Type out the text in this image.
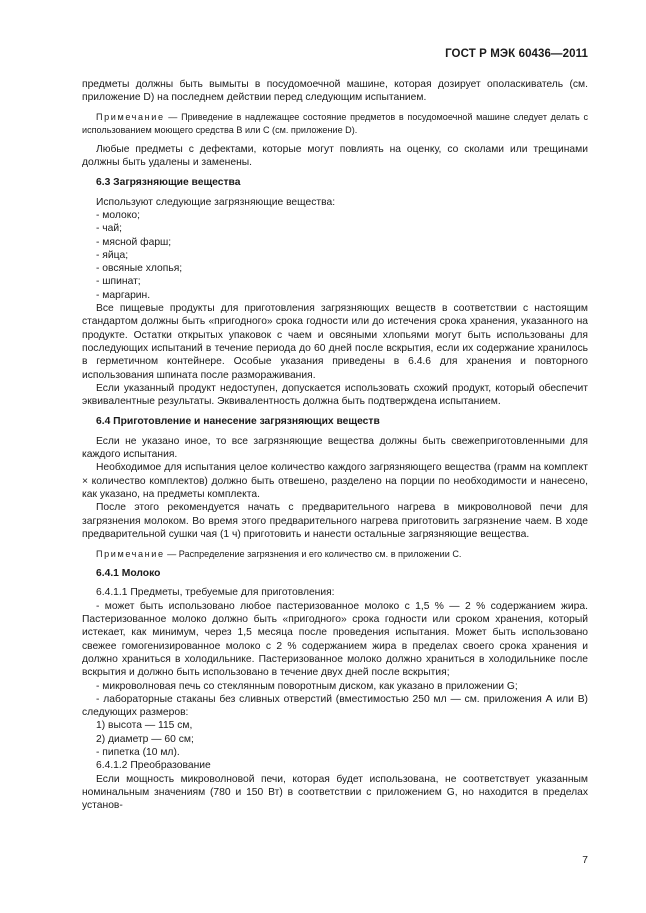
ГОСТ Р МЭК 60436—2011

предметы должны быть вымыты в посудомоечной машине, которая дозирует ополаскиватель (см. приложение D) на последнем действии перед следующим испытанием.

Примечание — Приведение в надлежащее состояние предметов в посудомоечной машине следует делать с использованием моющего средства В или С (см. приложение D).

Любые предметы с дефектами, которые могут повлиять на оценку, со сколами или трещинами должны быть удалены и заменены.

6.3 Загрязняющие вещества

Используют следующие загрязняющие вещества:

- молоко;

- чай;

- мясной фарш;

- яйца;

- овсяные хлопья;

- шпинат;

- маргарин.

Все пищевые продукты для приготовления загрязняющих веществ в соответствии с настоящим стандартом должны быть «пригодного» срока годности или до истечения срока хранения, указанного на продукте. Остатки открытых упаковок с чаем и овсяными хлопьями могут быть использованы для последующих испытаний в течение периода до 60 дней после вскрытия, если их содержание хранилось в герметичном контейнере. Особые указания приведены в 6.4.6 для хранения и повторного использования шпината после размораживания.

Если указанный продукт недоступен, допускается использовать схожий продукт, который обеспечит эквивалентные результаты. Эквивалентность должна быть подтверждена испытанием.

6.4 Приготовление и нанесение загрязняющих веществ

Если не указано иное, то все загрязняющие вещества должны быть свежеприготовленными для каждого испытания.

Необходимое для испытания целое количество каждого загрязняющего вещества (грамм на комплект × количество комплектов) должно быть отвешено, разделено на порции по необходимости и нанесено, как указано, на предметы комплекта.

После этого рекомендуется начать с предварительного нагрева в микроволновой печи для загрязнения молоком. Во время этого предварительного нагрева приготовить загрязнение чаем. В ходе предварительной сушки чая (1 ч) приготовить и нанести остальные загрязняющие вещества.

Примечание — Распределение загрязнения и его количество см. в приложении С.

6.4.1 Молоко

6.4.1.1 Предметы, требуемые для приготовления:

- может быть использовано любое пастеризованное молоко с 1,5 % — 2 % содержанием жира. Пастеризованное молоко должно быть «пригодного» срока годности или сроком хранения, который истекает, как минимум, через 1,5 месяца после проведения испытания. Может быть использовано свежее гомогенизированное молоко с 2 % содержанием жира в пределах своего срока хранения и должно храниться в холодильнике. Пастеризованное молоко должно храниться в холодильнике после вскрытия и должно быть использовано в течение двух дней после вскрытия;

- микроволновая печь со стеклянным поворотным диском, как указано в приложении G;

- лабораторные стаканы без сливных отверстий (вместимостью 250 мл — см. приложения А или В) следующих размеров:

1) высота — 115 см,

2) диаметр — 60 см;

- пипетка (10 мл).

6.4.1.2 Преобразование

Если мощность микроволновой печи, которая будет использована, не соответствует указанным номинальным значениям (780 и 150 Вт) в соответствии с приложением G, но находится в пределах установ-

7
